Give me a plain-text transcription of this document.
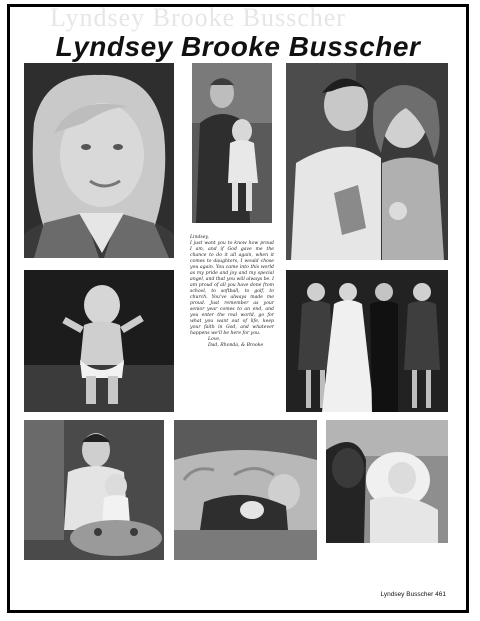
Lyndsey Brooke Busscher
Lyndsey Brooke Busscher

Lindsey,

I just want you to know how proud I am, and if God gave me the chance to do it all again, when it comes to daughters, I would chose you again. You came into this world as my pride and joy and my special angel, and that you will always be. I am proud of all you have done from school, to softball, to golf, to church. You've always made me proud. Just remember as your senior year comes to an end, and you enter the real world, go for what you want out of life, keep your faith in God, and whatever happens we'll be here for you.

Love,

Dad, Rhonda, & Brooke

Lyndsey Busscher 461
